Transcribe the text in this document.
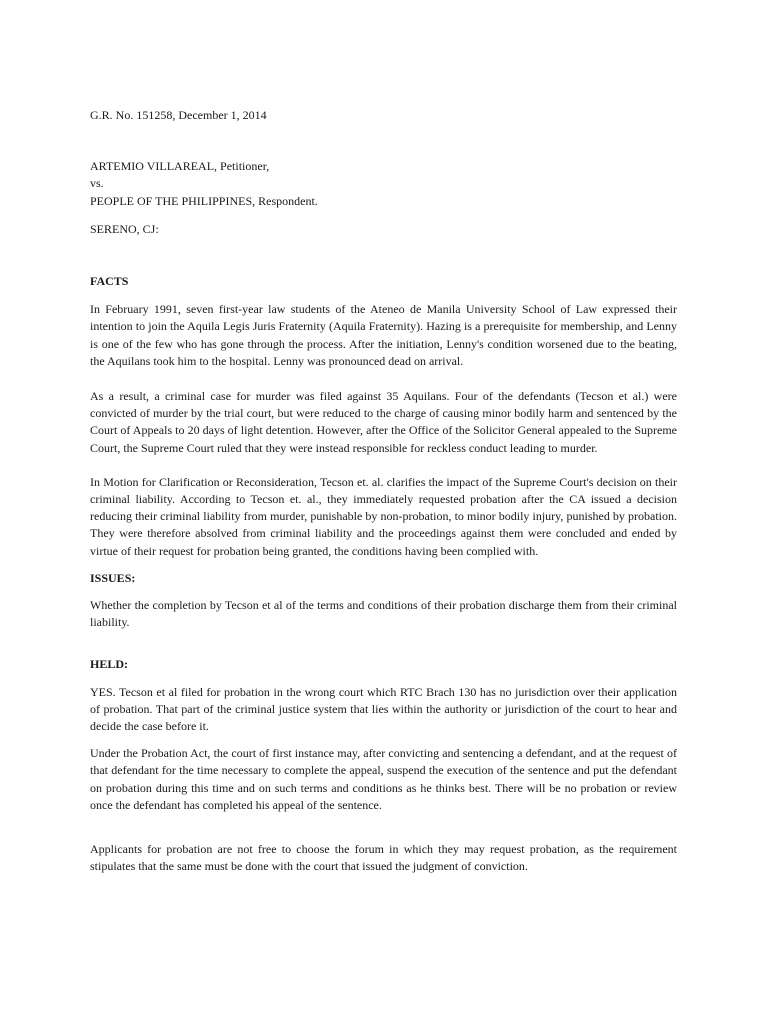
G.R. No. 151258, December 1, 2014

ARTEMIO VILLAREAL, Petitioner,

vs.

PEOPLE OF THE PHILIPPINES, Respondent.

SERENO, CJ:

FACTS

In February 1991, seven first-year law students of the Ateneo de Manila University School of Law expressed their intention to join the Aquila Legis Juris Fraternity (Aquila Fraternity). Hazing is a prerequisite for membership, and Lenny is one of the few who has gone through the process. After the initiation, Lenny's condition worsened due to the beating, the Aquilans took him to the hospital. Lenny was pronounced dead on arrival.

As a result, a criminal case for murder was filed against 35 Aquilans. Four of the defendants (Tecson et al.) were convicted of murder by the trial court, but were reduced to the charge of causing minor bodily harm and sentenced by the Court of Appeals to 20 days of light detention. However, after the Office of the Solicitor General appealed to the Supreme Court, the Supreme Court ruled that they were instead responsible for reckless conduct leading to murder.

In Motion for Clarification or Reconsideration, Tecson et. al. clarifies the impact of the Supreme Court's decision on their criminal liability. According to Tecson et. al., they immediately requested probation after the CA issued a decision reducing their criminal liability from murder, punishable by non-probation, to minor bodily injury, punished by probation. They were therefore absolved from criminal liability and the proceedings against them were concluded and ended by virtue of their request for probation being granted, the conditions having been complied with.

ISSUES:

Whether the completion by Tecson et al of the terms and conditions of their probation discharge them from their criminal liability.

HELD:

YES. Tecson et al filed for probation in the wrong court which RTC Brach 130 has no jurisdiction over their application of probation. That part of the criminal justice system that lies within the authority or jurisdiction of the court to hear and decide the case before it.

Under the Probation Act, the court of first instance may, after convicting and sentencing a defendant, and at the request of that defendant for the time necessary to complete the appeal, suspend the execution of the sentence and put the defendant on probation during this time and on such terms and conditions as he thinks best. There will be no probation or review once the defendant has completed his appeal of the sentence.

Applicants for probation are not free to choose the forum in which they may request probation, as the requirement stipulates that the same must be done with the court that issued the judgment of conviction.
